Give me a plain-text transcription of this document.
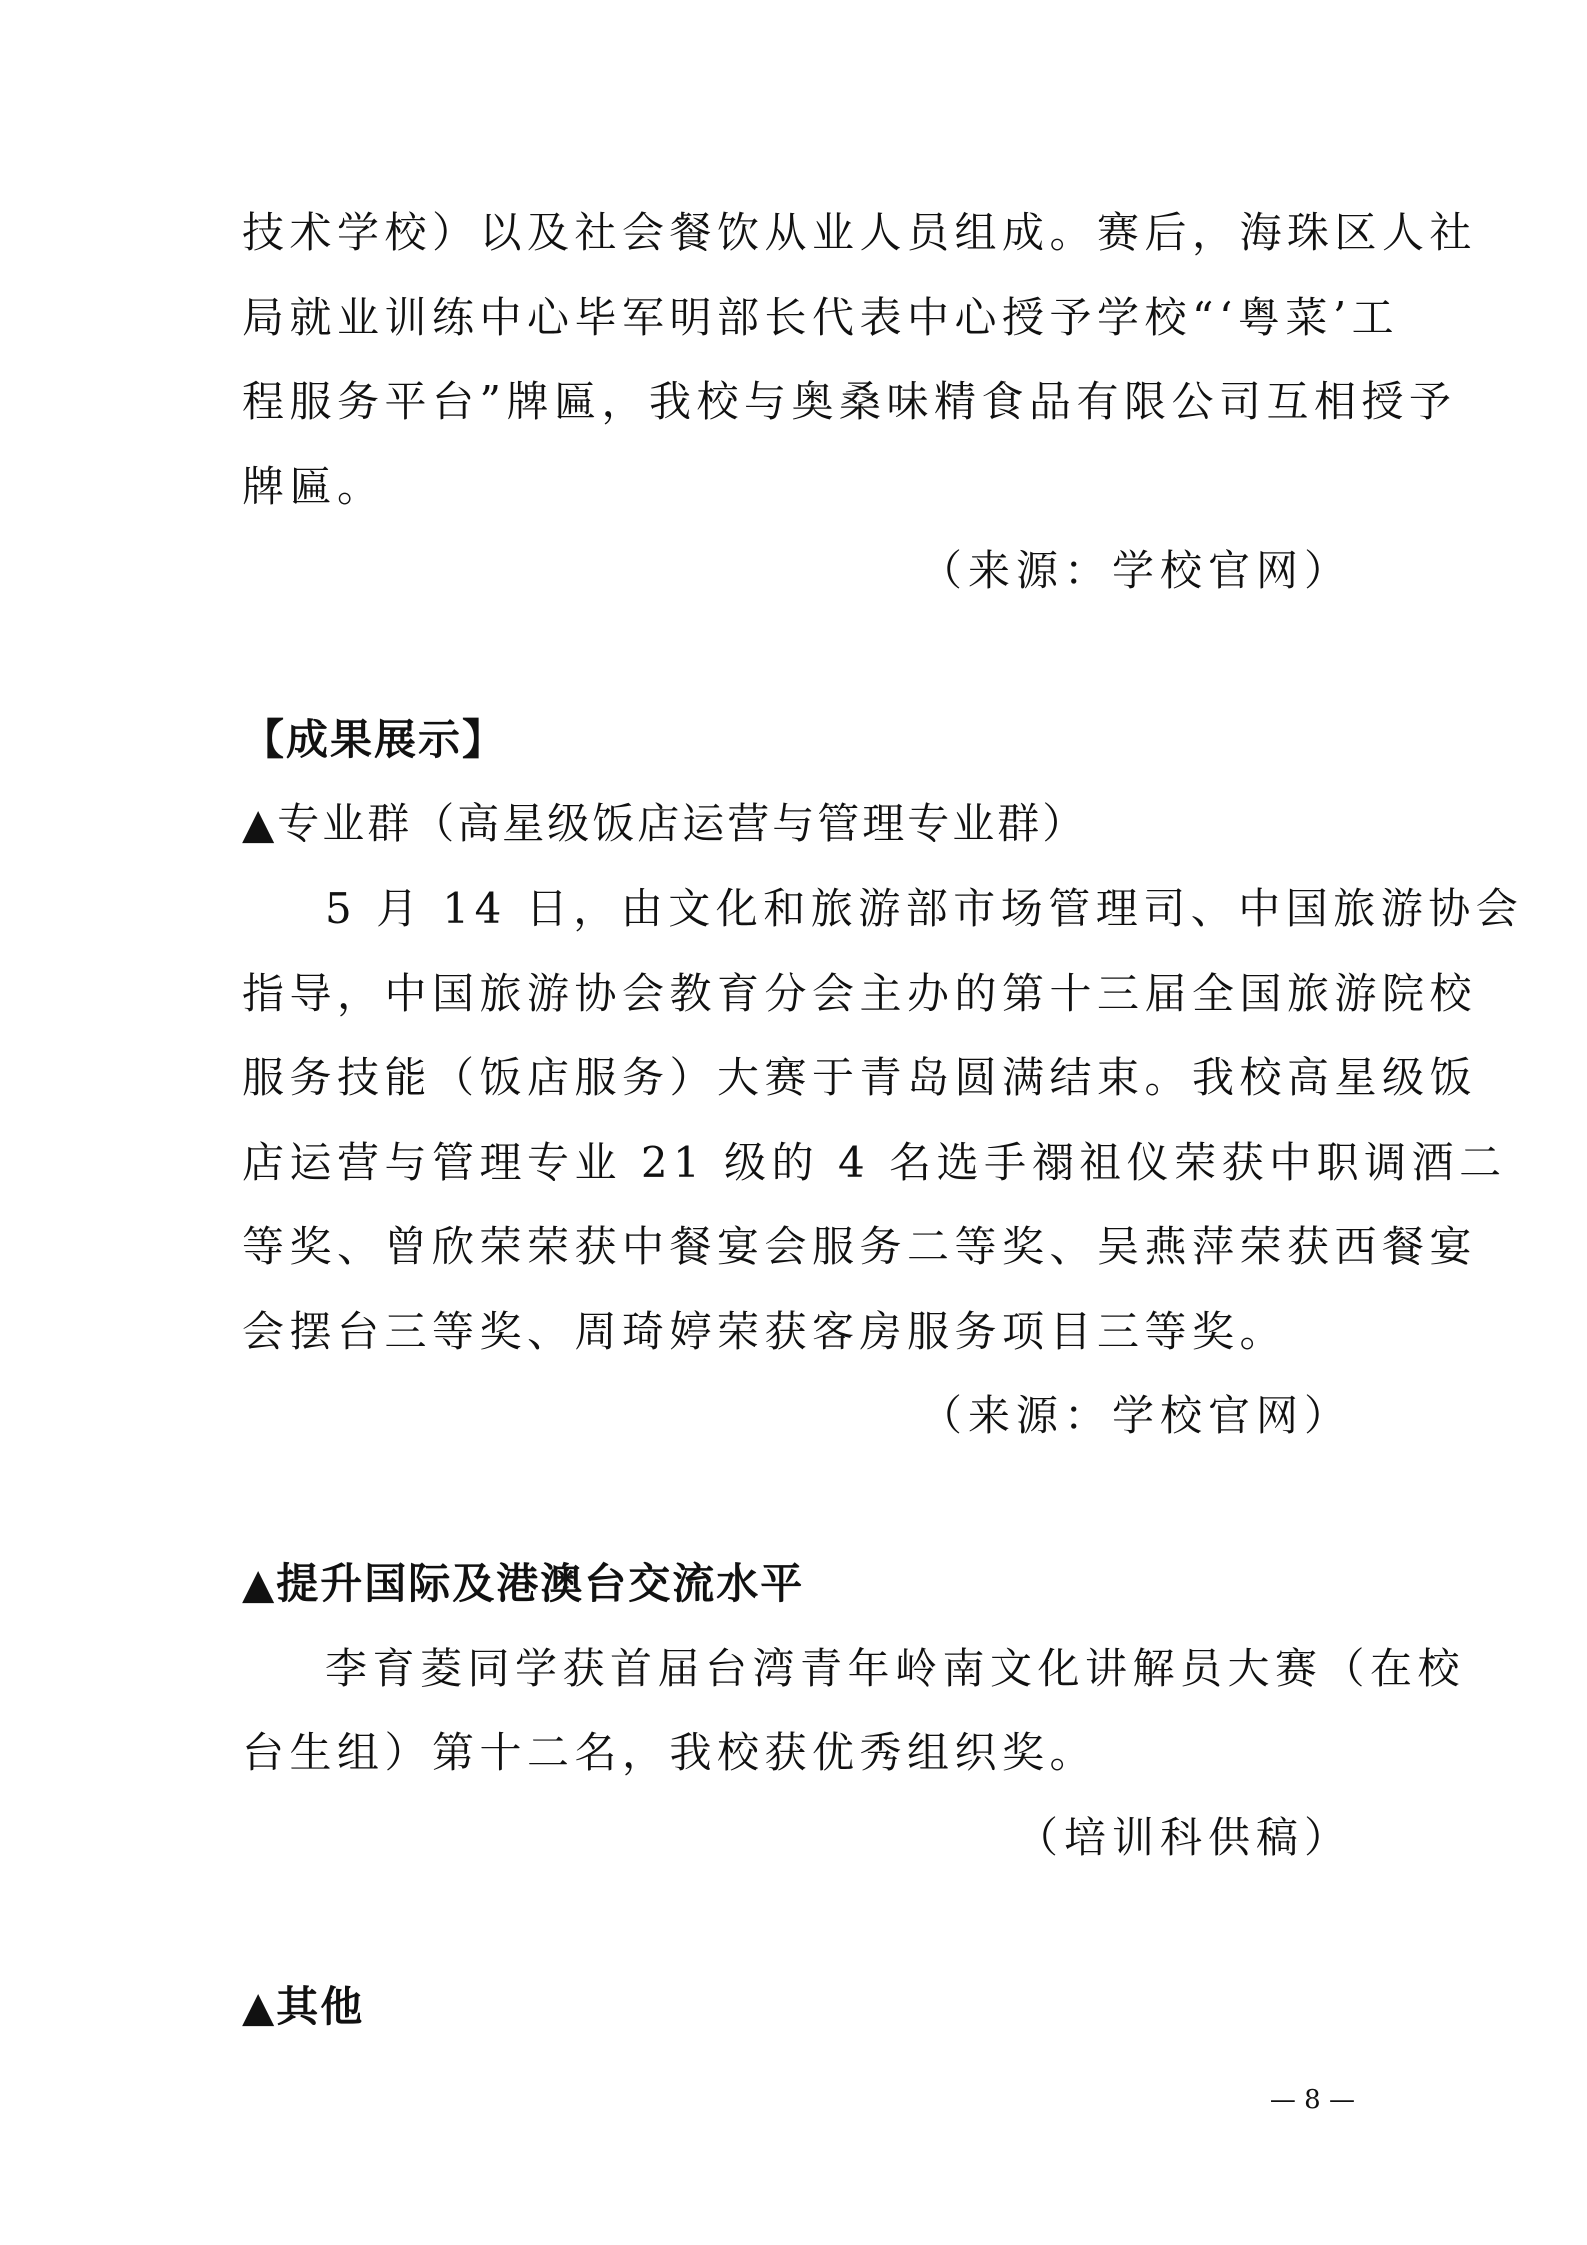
技术学校）以及社会餐饮从业人员组成。赛后，海珠区人社
局就业训练中心毕军明部长代表中心授予学校“‘粤菜’工
程服务平台”牌匾，我校与奥桑味精食品有限公司互相授予
牌匾。
（来源：学校官网）
【成果展示】
▲专业群（高星级饭店运营与管理专业群）
5 月 14 日，由文化和旅游部市场管理司、中国旅游协会
指导，中国旅游协会教育分会主办的第十三届全国旅游院校
服务技能（饭店服务）大赛于青岛圆满结束。我校高星级饭
店运营与管理专业 21 级的 4 名选手禤祖仪荣获中职调酒二
等奖、曾欣荣荣获中餐宴会服务二等奖、吴燕萍荣获西餐宴
会摆台三等奖、周琦婷荣获客房服务项目三等奖。
（来源：学校官网）
▲提升国际及港澳台交流水平
李育菱同学获首届台湾青年岭南文化讲解员大赛（在校
台生组）第十二名，我校获优秀组织奖。
（培训科供稿）
▲其他
— 8 —
